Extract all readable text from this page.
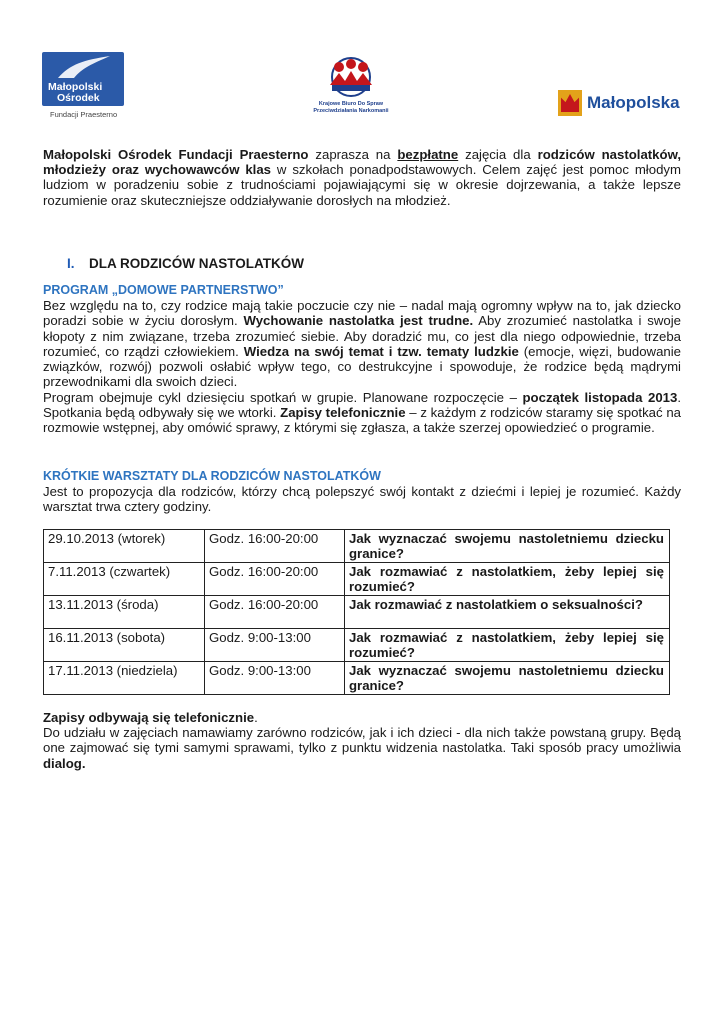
Małopolski
Ośrodek
Fundacji Praesterno
Krajowe Biuro Do Spraw Przeciwdziałania Narkomanii	Małopolska

Małopolski Ośrodek Fundacji Praesterno zaprasza na bezpłatne zajęcia dla rodziców nastolatków, młodzieży oraz wychowawców klas w szkołach ponadpodstawowych. Celem zajęć jest pomoc młodym ludziom w poradzeniu sobie z trudnościami pojawiającymi się w okresie dojrzewania, a także lepsze rozumienie oraz skuteczniejsze oddziaływanie dorosłych na młodzież.

I. DLA RODZICÓW NASTOLATKÓW
PROGRAM „DOMOWE PARTNERSTWO”

Bez względu na to, czy rodzice mają takie poczucie czy nie – nadal mają ogromny wpływ na to, jak dziecko poradzi sobie w życiu dorosłym. Wychowanie nastolatka jest trudne. Aby zrozumieć nastolatka i swoje kłopoty z nim związane, trzeba zrozumieć siebie. Aby doradzić mu, co jest dla niego odpowiednie, trzeba rozumieć, co rządzi człowiekiem. Wiedza na swój temat i tzw. tematy ludzkie (emocje, więzi, budowanie związków, rozwój) pozwoli osłabić wpływ tego, co destrukcyjne i spowoduje, że rodzice będą mądrymi przewodnikami dla swoich dzieci.
Program obejmuje cykl dziesięciu spotkań w grupie. Planowane rozpoczęcie – początek listopada 2013. Spotkania będą odbywały się we wtorki. Zapisy telefonicznie – z każdym z rodziców staramy się spotkać na rozmowie wstępnej, aby omówić sprawy, z którymi się zgłasza, a także szerzej opowiedzieć o programie.

KRÓTKIE WARSZTATY DLA RODZICÓW NASTOLATKÓW

Jest to propozycja dla rodziców, którzy chcą polepszyć swój kontakt z dziećmi i lepiej je rozumieć. Każdy warsztat trwa cztery godziny.

29.10.2013 (wtorek)	Godz. 16:00-20:00	Jak wyznaczać swojemu nastoletniemu dziecku granice?
7.11.2013 (czwartek)	Godz. 16:00-20:00	Jak rozmawiać z nastolatkiem, żeby lepiej się rozumieć?
13.11.2013 (środa)	Godz. 16:00-20:00	Jak rozmawiać z nastolatkiem o seksualności?
16.11.2013 (sobota)	Godz. 9:00-13:00	Jak rozmawiać z nastolatkiem, żeby lepiej się rozumieć?
17.11.2013 (niedziela)	Godz. 9:00-13:00	Jak wyznaczać swojemu nastoletniemu dziecku granice?

Zapisy odbywają się telefonicznie.
Do udziału w zajęciach namawiamy zarówno rodziców, jak i ich dzieci - dla nich także powstaną grupy. Będą one zajmować się tymi samymi sprawami, tylko z punktu widzenia nastolatka. Taki sposób pracy umożliwia dialog.
